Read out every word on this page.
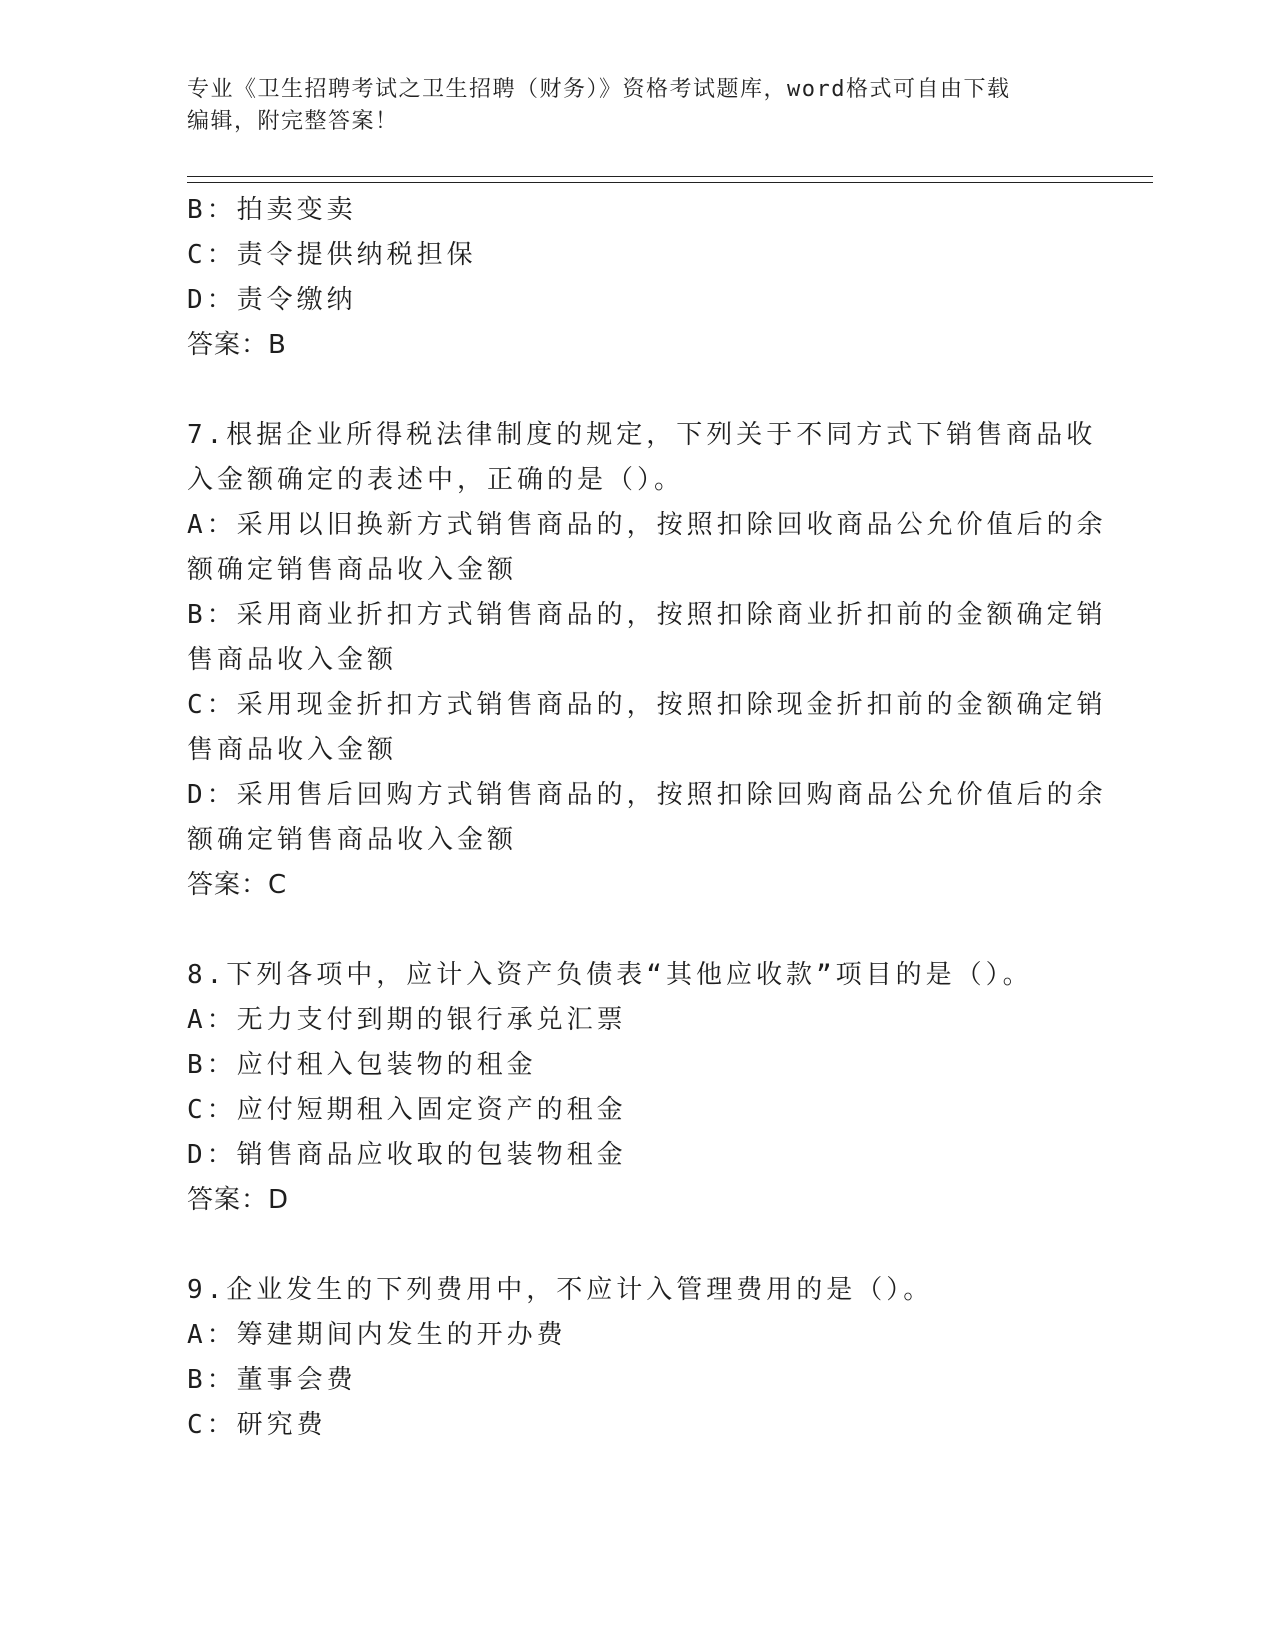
专业《卫生招聘考试之卫生招聘（财务）》资格考试题库，word格式可自由下载
编辑，附完整答案！
B：拍卖变卖
C：责令提供纳税担保
D：责令缴纳
答案：B
7.根据企业所得税法律制度的规定，下列关于不同方式下销售商品收
入金额确定的表述中，正确的是（）。
A：采用以旧换新方式销售商品的，按照扣除回收商品公允价值后的余
额确定销售商品收入金额
B：采用商业折扣方式销售商品的，按照扣除商业折扣前的金额确定销
售商品收入金额
C：采用现金折扣方式销售商品的，按照扣除现金折扣前的金额确定销
售商品收入金额
D：采用售后回购方式销售商品的，按照扣除回购商品公允价值后的余
额确定销售商品收入金额
答案：C
8.下列各项中，应计入资产负债表“其他应收款”项目的是（）。
A：无力支付到期的银行承兑汇票
B：应付租入包装物的租金
C：应付短期租入固定资产的租金
D：销售商品应收取的包装物租金
答案：D
9.企业发生的下列费用中，不应计入管理费用的是（）。
A：筹建期间内发生的开办费
B：董事会费
C：研究费
